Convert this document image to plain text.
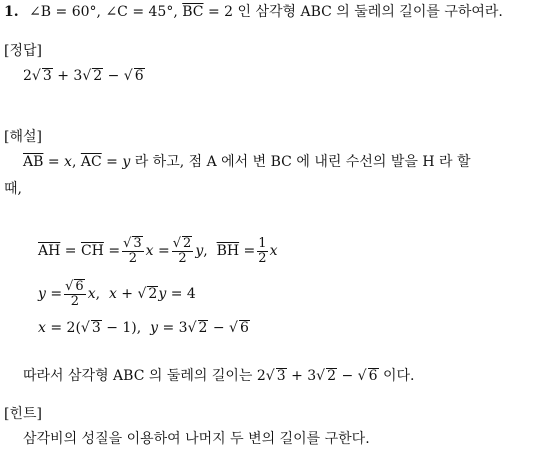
1. ∠B = 60°, ∠C = 45°, $\overline{BC} = 2$ 인 삼각형 ABC 의 둘레의 길이를 구하여라.
[정답]
2√ 3 + 3√ 2 − √ 6
[해설]
$\overline{AB} = x$, $\overline{AC} = y$ 라 하고, 점 A 에서 변 BC 에 내린 수선의 발을 H 라 할
때,
$\overline{AH} = \overline{CH} = \frac{√ 3}{2}$ $x = \frac{√ 2}{2}$ y , $\overline{BH} = \frac{1}{2}$ x
$y = \frac{√ 6}{2}$ x , x + √ 2 y = 4
x = 2(√ 3 − 1),  y = 3√ 2 − √ 6
따라서 삼각형 ABC 의 둘레의 길이는 2√ 3 + 3√ 2 − √ 6 이다.
[힌트]
삼각비의 성질을 이용하여 나머지 두 변의 길이를 구한다.
